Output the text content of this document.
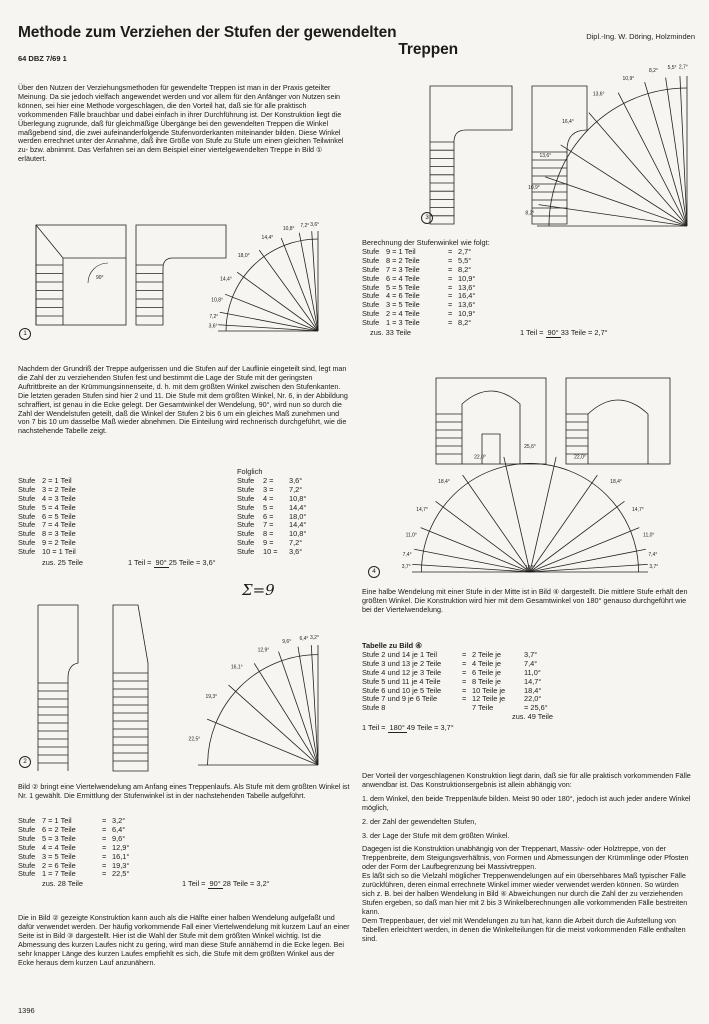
Methode zum Verziehen der Stufen der gewendelten
Treppen
Dipl.-Ing. W. Döring, Holzminden
64 DBZ 7/69 1

Über den Nutzen der Verziehungsmethoden für gewendelte Treppen ist man in der Praxis geteilter Meinung. Da sie jedoch vielfach angewendet werden und vor allem für den Anfänger von Nutzen sein können, sei hier eine Methode vorgeschlagen, die den Vorteil hat, daß sie für alle praktisch vorkommenden Fälle brauchbar und dabei einfach in ihrer Durchführung ist. Der Konstruktion liegt die Überlegung zugrunde, daß für gleichmäßige Übergänge bei den gewendelten Treppen die Winkel maßgebend sind, die zwei aufeinanderfolgende Stufenvorderkanten miteinander bilden. Diese Winkel werden errechnet unter der Annahme, daß ihre Größe von Stufe zu Stufe um einen gleichen Teilwinkel zu- bzw. abnimmt. Das Verfahren sei an dem Beispiel einer viertelgewendelten Treppe in Bild ① erläutert.

3,6°
7,2°
10,8°
14,4°
18,0°
14,4°
10,8°
7,2°
3,6°
90°
1

Nachdem der Grundriß der Treppe aufgerissen und die Stufen auf der Lauflinie eingeteilt sind, legt man die Zahl der zu verziehenden Stufen fest und bestimmt die Lage der Stufe mit der geringsten Auftrittbreite an der Krümmungsinnenseite, d. h. mit dem größten Winkel zwischen den Stufenkanten. Die letzten geraden Stufen sind hier 2 und 11. Die Stufe mit dem größten Winkel, Nr. 6, in der Abbildung schraffiert, ist genau in die Ecke gelegt. Der Gesamtwinkel der Wendelung, 90°, wird nun so durch die Zahl der Wendelstufen geteilt, daß die Winkel der Stufen 2 bis 6 um ein gleiches Maß zunehmen und von 7 bis 10 um dasselbe Maß wieder abnehmen. Die Einteilung wird rechnerisch durchgeführt, wie die nachstehende Tabelle zeigt.

Folglich
Stufe 2 = 1 Teil	Stufe	2 =	3,6°
Stufe 3 = 2 Teile	Stufe	3 =	7,2°
Stufe 4 = 3 Teile	Stufe	4 =	10,8°
Stufe 5 = 4 Teile	Stufe	5 =	14,4°
Stufe 6 = 5 Teile	Stufe	6 =	18,0°
Stufe 7 = 4 Teile	Stufe	7 =	14,4°
Stufe 8 = 3 Teile	Stufe	8 =	10,8°
Stufe 9 = 2 Teile	Stufe	9 =	7,2°
Stufe 10 = 1 Teil	Stufe	10 =	3,6°
zus. 25 Teile	1 Teil = 90° 25 Teile = 3,6°
Σ=9
3,2°
6,4°
9,6°
12,9°
16,1°
19,3°
22,5°
2

Bild ② bringt eine Viertelwendelung am Anfang eines Treppenlaufs. Als Stufe mit dem größten Winkel ist Nr. 1 gewählt. Die Ermittlung der Stufenwinkel ist in der nachstehenden Tabelle aufgeführt.

Stufe 7 = 1 Teil	= 3,2°
Stufe 6 = 2 Teile	= 6,4°
Stufe 5 = 3 Teile	= 9,6°
Stufe 4 = 4 Teile	= 12,9°
Stufe 3 = 5 Teile	= 16,1°
Stufe 2 = 6 Teile	= 19,3°
Stufe 1 = 7 Teile	= 22,5°
zus. 28 Teile	1 Teil = 90° 28 Teile = 3,2°

Die in Bild ② gezeigte Konstruktion kann auch als die Hälfte einer halben Wendelung aufgefaßt und dafür verwendet werden. Der häufig vorkommende Fall einer Viertelwendelung mit kurzem Lauf an einer Seite ist in Bild ③ dargestellt. Hier ist die Wahl der Stufe mit dem größten Winkel wichtig. Ist die Abmessung des kurzen Laufes nicht zu gering, wird man diese Stufe annähernd in die Ecke legen. Bei sehr knapper Länge des kurzen Laufes empfiehlt es sich, die Stufe mit dem größten Winkel aus der Ecke heraus dem kurzen Lauf anzunähern.

1396
2,7°
5,5°
8,2°
10,9°
13,6°
16,4°
13,6°
10,9°
8,2°
3
Berechnung der Stufenwinkel wie folgt:
Stufe 9 = 1 Teil	= 2,7°
Stufe 8 = 2 Teile	= 5,5°
Stufe 7 = 3 Teile	= 8,2°
Stufe 6 = 4 Teile	= 10,9°
Stufe 5 = 5 Teile	= 13,6°
Stufe 4 = 6 Teile	= 16,4°
Stufe 3 = 5 Teile	= 13,6°
Stufe 2 = 4 Teile	= 10,9°
Stufe 1 = 3 Teile	= 8,2°
zus. 33 Teile	1 Teil = 90° 33 Teile = 2,7°
3,7°
7,4°
11,0°
14,7°
18,4°
22,0°
25,6°
22,0°
18,4°
14,7°
11,0°
7,4°
3,7°	180°
4

Eine halbe Wendelung mit einer Stufe in der Mitte ist in Bild ④ dargestellt. Die mittlere Stufe erhält den größten Winkel. Die Konstruktion wird hier mit dem Gesamtwinkel von 180° genauso durchgeführt wie bei der Viertelwendelung.

Tabelle zu Bild ④
Stufe 2 und 14 je 1 Teil	= 2 Teile je	3,7°
Stufe 3 und 13 je 2 Teile	= 4 Teile je	7,4°
Stufe 4 und 12 je 3 Teile	= 6 Teile je	11,0°
Stufe 5 und 11 je 4 Teile	= 8 Teile je	14,7°
Stufe 6 und 10 je 5 Teile	= 10 Teile je	18,4°
Stufe 7 und 9 je 6 Teile	= 12 Teile je	22,0°
Stufe 8	7 Teile	= 25,6°
zus. 49 Teile
1 Teil = 180° 49 Teile = 3,7°

Der Vorteil der vorgeschlagenen Konstruktion liegt darin, daß sie für alle praktisch vorkommenden Fälle anwendbar ist. Das Konstruktionsergebnis ist allein abhängig von:

1. dem Winkel, den beide Treppenläufe bilden. Meist 90 oder 180°, jedoch ist auch jeder andere Winkel möglich,

2. der Zahl der gewendelten Stufen,

3. der Lage der Stufe mit dem größten Winkel.

Dagegen ist die Konstruktion unabhängig von der Treppenart, Massiv- oder Holztreppe, von der Treppenbreite, dem Steigungsverhältnis, von Formen und Abmessungen der Krümmlinge oder Pfosten oder der Form der Laufbegrenzung bei Massivtreppen.

Es läßt sich so die Vielzahl möglicher Treppenwendelungen auf ein übersehbares Maß typischer Fälle zurückführen, deren einmal errechnete Winkel immer wieder verwendet werden können. So würden sich z. B. bei der halben Wendelung in Bild ④ Abweichungen nur durch die Zahl der zu verziehenden Stufen ergeben, so daß man hier mit 2 bis 3 Winkelberechnungen alle vorkommenden Fälle bestreiten kann.

Dem Treppenbauer, der viel mit Wendelungen zu tun hat, kann die Arbeit durch die Aufstellung von Tabellen erleichtert werden, in denen die Winkelteilungen für die meist vorkommenden Fälle enthalten sind.
